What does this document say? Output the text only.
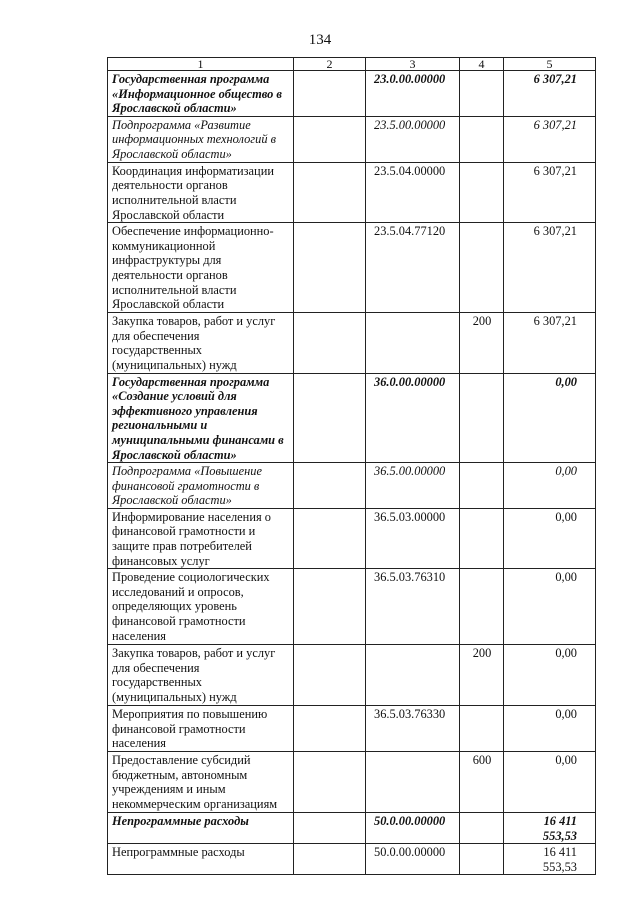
134
1	2	3	4	5
Государственная программа «Информационное общество в Ярославской области»		23.0.00.00000		6 307,21
Подпрограмма «Развитие информационных технологий в Ярославской области»		23.5.00.00000		6 307,21
Координация информатизации деятельности органов исполнительной власти Ярославской области		23.5.04.00000		6 307,21
Обеспечение информационно-коммуникационной инфраструктуры для деятельности органов исполнительной власти Ярославской области		23.5.04.77120		6 307,21
Закупка товаров, работ и услуг для обеспечения государственных (муниципальных) нужд			200	6 307,21
Государственная программа «Создание условий для эффективного управления региональными и муниципальными финансами в Ярославской области»		36.0.00.00000		0,00
Подпрограмма «Повышение финансовой грамотности в Ярославской области»		36.5.00.00000		0,00
Информирование населения о финансовой грамотности и защите прав потребителей финансовых услуг		36.5.03.00000		0,00
Проведение социологических исследований и опросов, определяющих уровень финансовой грамотности населения		36.5.03.76310		0,00
Закупка товаров, работ и услуг для обеспечения государственных (муниципальных) нужд			200	0,00
Мероприятия по повышению финансовой грамотности населения		36.5.03.76330		0,00
Предоставление субсидий бюджетным, автономным учреждениям и иным некоммерческим организациям			600	0,00
Непрограммные расходы		50.0.00.00000		16 411 553,53
Непрограммные расходы		50.0.00.00000		16 411 553,53
